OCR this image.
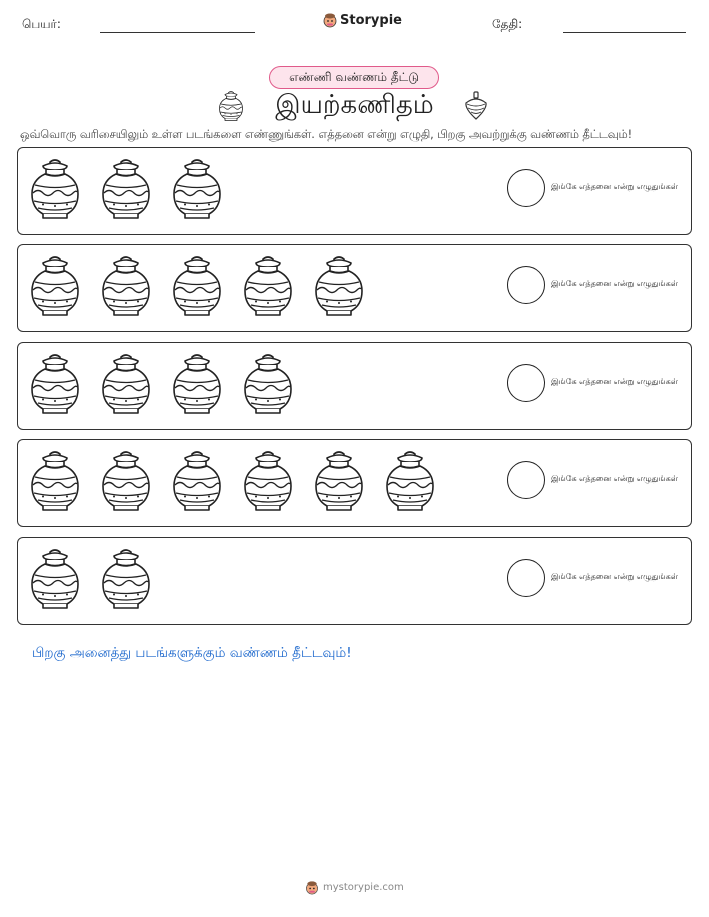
பெயர்:	Storypie	தேதி:
எண்ணி வண்ணம் தீட்டு
இயற்கணிதம்
ஒவ்வொரு வரிசையிலும் உள்ள படங்களை எண்ணுங்கள். எத்தனை என்று எழுதி, பிறகு அவற்றுக்கு வண்ணம் தீட்டவும்!
இங்கே எத்தனை என்று எழுதுங்கள்
இங்கே எத்தனை என்று எழுதுங்கள்
இங்கே எத்தனை என்று எழுதுங்கள்
இங்கே எத்தனை என்று எழுதுங்கள்
இங்கே எத்தனை என்று எழுதுங்கள்
பிறகு அனைத்து படங்களுக்கும் வண்ணம் தீட்டவும்!
mystorypie.com
